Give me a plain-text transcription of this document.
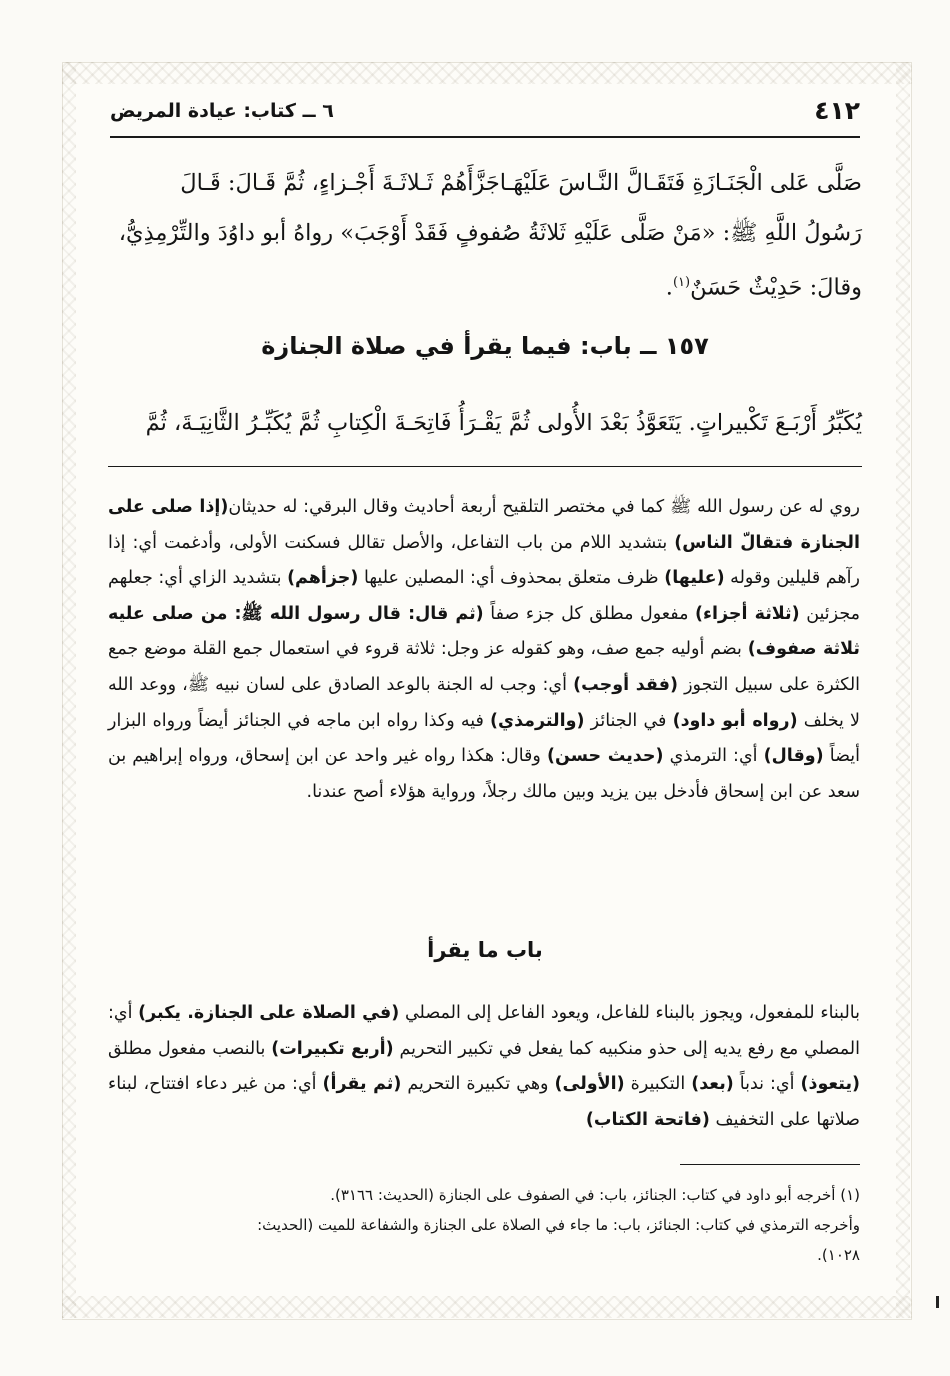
٤١٢
٦ ــ كتاب: عيادة المريض

صَلَّى عَلى الْجَنَـازَةِ فَتَقَـالَّ النَّـاسَ عَلَيْهَـاجَزَّأَهُمْ ثَـلاثَـةَ أَجْـزاءٍ، ثُمَّ قَـالَ: قَـالَ

رَسُولُ اللَّهِ ﷺ: «مَنْ صَلَّى عَلَيْهِ ثَلاثَةُ صُفوفٍ فَقَدْ أَوْجَبَ» رواهُ أبو داوُدَ والتِّرْمِذِيُّ،

وقالَ: حَدِيْثٌ حَسَنٌ$^{(١)}$.

١٥٧ ــ باب: فيما يقرأ في صلاة الجنازة

يُكَبِّرُ أَرْبَـعَ تَكْبيراتٍ. يَتَعَوَّذُ بَعْدَ الأُولى ثُمَّ يَقْـرَأُ فَاتِحَـةَ الْكِتابِ ثُمَّ يُكَبِّـرُ الثَّانِيَـةَ، ثُمَّ

روي له عن رسول الله ﷺ كما في مختصر التلقيح أربعة أحاديث وقال البرقي: له حديثان(إذا صلى على الجنازة فتقالّ الناس) بتشديد اللام من باب التفاعل، والأصل تقالل فسكنت الأولى، وأدغمت أي: إذا رآهم قليلين وقوله (عليها) ظرف متعلق بمحذوف أي: المصلين عليها (جزأهم) بتشديد الزاي أي: جعلهم مجزئين (ثلاثة أجزاء) مفعول مطلق كل جزء صفاً (ثم قال: قال رسول الله ﷺ: من صلى عليه ثلاثة صفوف) بضم أوليه جمع صف، وهو كقوله عز وجل: ثلاثة قروء في استعمال جمع القلة موضع جمع الكثرة على سبيل التجوز (فقد أوجب) أي: وجب له الجنة بالوعد الصادق على لسان نبيه ﷺ، ووعد الله لا يخلف (رواه أبو داود) في الجنائز (والترمذي) فيه وكذا رواه ابن ماجه في الجنائز أيضاً ورواه البزار أيضاً (وقال) أي: الترمذي (حديث حسن) وقال: هكذا رواه غير واحد عن ابن إسحاق، ورواه إبراهيم بن سعد عن ابن إسحاق فأدخل بين يزيد وبين مالك رجلاً، ورواية هؤلاء أصح عندنا.

باب ما يقرأ

بالبناء للمفعول، ويجوز بالبناء للفاعل، ويعود الفاعل إلى المصلي (في الصلاة على الجنازة. يكبر) أي: المصلي مع رفع يديه إلى حذو منكبيه كما يفعل في تكبير التحريم (أربع تكبيرات) بالنصب مفعول مطلق (يتعوذ) أي: ندباً (بعد) التكبيرة (الأولى) وهي تكبيرة التحريم (ثم يقرأ) أي: من غير دعاء افتتاح، لبناء صلاتها على التخفيف (فاتحة الكتاب)

(١) أخرجه أبو داود في كتاب: الجنائز، باب: في الصفوف على الجنازة (الحديث: ٣١٦٦).

وأخرجه الترمذي في كتاب: الجنائز، باب: ما جاء في الصلاة على الجنازة والشفاعة للميت (الحديث:

١٠٢٨).
